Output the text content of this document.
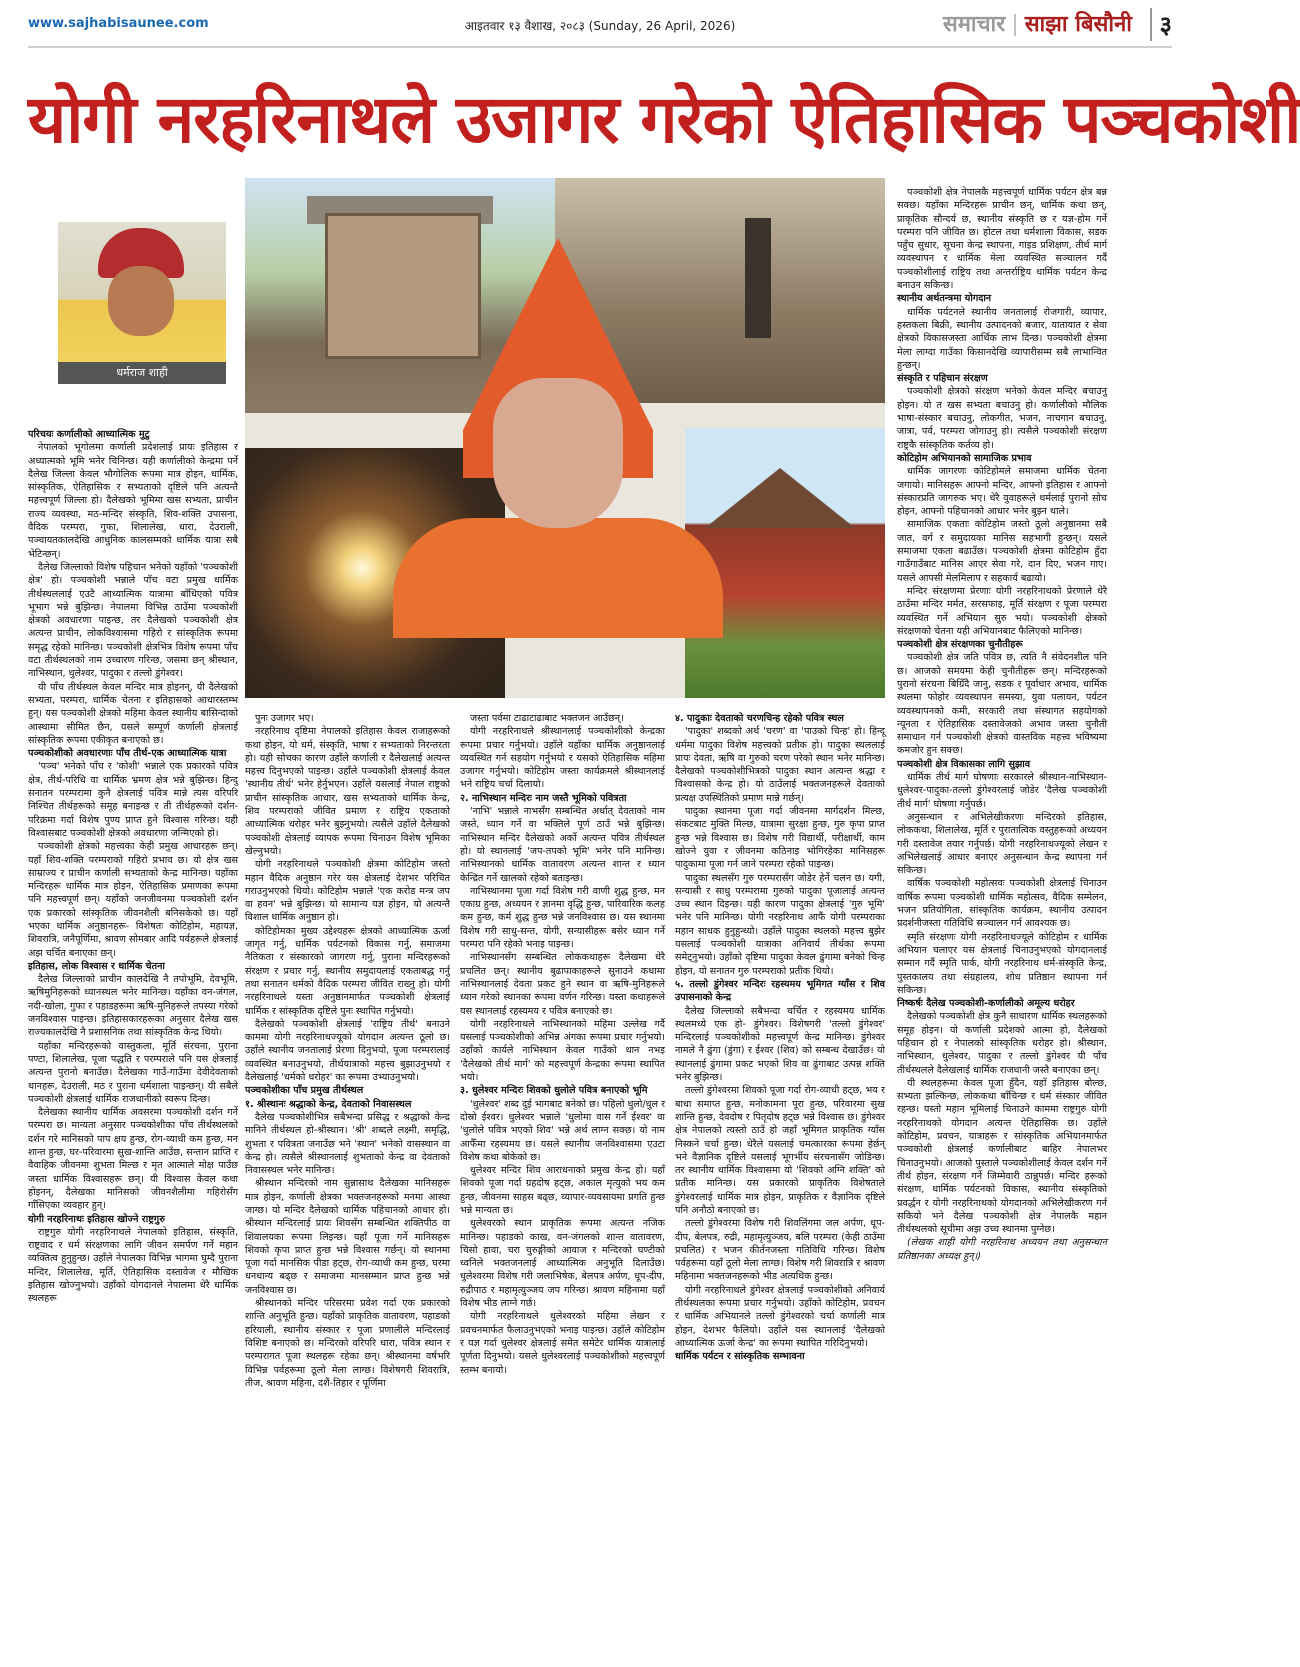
www.sajhabisaunee.com	आइतवार १३ वैशाख, २०८३ (Sunday, 26 April, 2026)	समाचार | साझा बिसौनी	३
योगी नरहरिनाथले उजागर गरेको ऐतिहासिक पञ्चकोशी
धर्मराज शाही
परिचयः कर्णालीको आध्यात्मिक मुटु

नेपालको भूगोलमा कर्णाली प्रदेशलाई प्रायः इतिहास र अध्यात्मको भूमि भनेर चिनिन्छ। यही कर्णालीको केन्द्रमा पर्ने दैलेख जिल्ला केवल भौगोलिक रूपमा मात्र होइन, धार्मिक, सांस्कृतिक, ऐतिहासिक र सभ्यताको दृष्टिले पनि अत्यन्तै महत्त्वपूर्ण जिल्ला हो। दैलेखको भूमिमा खस सभ्यता, प्राचीन राज्य व्यवस्था, मठ-मन्दिर संस्कृति, शिव-शक्ति उपासना, वैदिक परम्परा, गुफा, शिलालेख, धारा, देउराली, पञ्चायतकालदेखि आधुनिक कालसम्मको धार्मिक यात्रा सबै भेटिन्छन्।

दैलेख जिल्लाको विशेष पहिचान भनेको यहाँको 'पञ्चकोशी क्षेत्र' हो। पञ्चकोशी भन्नाले पाँच वटा प्रमुख धार्मिक तीर्थस्थललाई एउटै आध्यात्मिक यात्रामा बाँधिएको पवित्र भूभाग भन्ने बुझिन्छ। नेपालमा विभिन्न ठाउँमा पञ्चकोशी क्षेत्रको अवधारणा पाइन्छ, तर दैलेखको पञ्चकोशी क्षेत्र अत्यन्त प्राचीन, लोकविश्वासमा गहिरो र सांस्कृतिक रूपमा समृद्ध रहेको मानिन्छ। पञ्चकोशी क्षेत्रभित्र विशेष रूपमा पाँच वटा तीर्थस्थलको नाम उच्चारण गरिन्छ, जसमा छन् श्रीस्थान, नाभिस्थान, धुलेश्वर, पादुका र तल्लो डुंगेश्वर।

यी पाँच तीर्थस्थल केवल मन्दिर मात्र होइनन्, यी दैलेखको सभ्यता, परम्परा, धार्मिक चेतना र इतिहासको आधारस्तम्भ हुन्। यस पञ्चकोशी क्षेत्रको महिमा केवल स्थानीय बासिन्दाको आस्थामा सीमित छैन, यसले सम्पूर्ण कर्णाली क्षेत्रलाई सांस्कृतिक रूपमा एकीकृत बनाएको छ।

पञ्चकोशीको अवधारणाः पाँच तीर्थ-एक आध्यात्मिक यात्रा

'पञ्च' भनेको पाँच र 'कोशी' भन्नाले एक प्रकारको पवित्र क्षेत्र, तीर्थ-परिधि वा धार्मिक भ्रमण क्षेत्र भन्ने बुझिन्छ। हिन्दु सनातन परम्परामा कुनै क्षेत्रलाई पवित्र मान्ने त्यस वरिपरि निश्चित तीर्थहरूको समूह बनाइन्छ र ती तीर्थहरूको दर्शन-परिक्रमा गर्दा विशेष पुण्य प्राप्त हुने विश्वास गरिन्छ। यही विश्वासबाट पञ्चकोशी क्षेत्रको अवधारणा जन्मिएको हो।

पञ्चकोशी क्षेत्रको महत्त्वका केही प्रमुख आधारहरू छन्। यहाँ शिव-शक्ति परम्पराको गहिरो प्रभाव छ। यो क्षेत्र खस साम्राज्य र प्राचीन कर्णाली सभ्यताको केन्द्र मानिन्छ। यहाँका मन्दिरहरू धार्मिक मात्र होइन, ऐतिहासिक प्रमाणका रूपमा पनि महत्त्वपूर्ण छन्। यहाँको जनजीवनमा पञ्चकोशी दर्शन एक प्रकारको सांस्कृतिक जीवनशैली बनिसकेको छ। यहाँ भएका धार्मिक अनुष्ठानहरू- विशेषतः कोटिहोम, महायज्ञ, शिवरात्रि, जनैपूर्णिमा, श्रावण सोमबार आदि पर्वहरूले क्षेत्रलाई अझ चर्चित बनाएका छन्।

इतिहास, लोक विश्वास र धार्मिक चेतना

दैलेख जिल्लाको प्राचीन कालदेखि नै तपोभूमि, देवभूमि, ऋषिमुनिहरूको ध्यानस्थल भनेर मानिन्छ। यहाँका वन-जंगल, नदी-खोला, गुफा र पहाडहरूमा ऋषि-मुनिहरूले तपस्या गरेको जनविश्वास पाइन्छ। इतिहासकारहरूका अनुसार दैलेख खस राज्यकालदेखि नै प्रशासनिक तथा सांस्कृतिक केन्द्र थियो।

यहाँका मन्दिरहरूको वास्तुकला, मूर्ति संरचना, पुराना पण्टा, शिलालेख, पूजा पद्धति र परम्पराले पनि यस क्षेत्रलाई अत्यन्त पुरानो बनाउँछ। दैलेखका गाउँ-गाउँमा देवीदेवताको थानहरू, देउराली, मठ र पुराना धर्मशाला पाइन्छन्। यी सबैले पञ्चकोशी क्षेत्रलाई धार्मिक राजधानीको स्वरूप दिन्छ।

दैलेखका स्थानीय धार्मिक अवसरमा पञ्चकोशी दर्शन गर्ने परम्परा छ। मान्यता अनुसार पञ्चकोशीका पाँच तीर्थस्थलको दर्शन गरे मानिसको पाप क्षय हुन्छ, रोग-व्याधी कम हुन्छ, मन शान्त हुन्छ, घर-परिवारमा सुख-शान्ति आउँछ, सन्तान प्राप्ति र वैवाहिक जीवनमा शुभता मिल्छ र मृत आत्माले मोक्ष पाउँछ जस्ता धार्मिक विश्वासहरू छन्। यी विश्वास केवल कथा होइनन्, दैलेखका मानिसको जीवनशैलीमा गहिरोसँग गाँसिएका व्यवहार हुन्।

योगी नरहरिनाथः इतिहास खोज्ने राष्ट्रगुरु

राष्ट्रगुरु योगी नरहरिनाथले नेपालको इतिहास, संस्कृति, राष्ट्रवाद र धर्म संरक्षणका लागि जीवन समर्पण गर्ने महान व्यक्तित्व हुनुहुन्छ। उहाँले नेपालका विभिन्न भागमा घुम्दै पुराना मन्दिर, शिलालेख, मूर्ति, ऐतिहासिक दस्तावेज र मौखिक इतिहास खोज्नुभयो। उहाँको योगदानले नेपालमा धेरै धार्मिक स्थलहरू

पुनः उजागर भए।

नरहरिनाथ दृष्टिमा नेपालको इतिहास केवल राजाहरूको कथा होइन, यो धर्म, संस्कृति, भाषा र सभ्यताको निरन्तरता हो। यही सोचका कारण उहाँले कर्णाली र दैलेखलाई अत्यन्त महत्त्व दिनुभएको पाइन्छ। उहाँले पञ्चकोशी क्षेत्रलाई केवल 'स्थानीय तीर्थ' भनेर हेर्नुभएन। उहाँले यसलाई नेपाल राष्ट्रको प्राचीन सांस्कृतिक आधार, खस सभ्यताको धार्मिक केन्द्र, शिव परम्पराको जीवित प्रमाण र राष्ट्रिय एकताको आध्यात्मिक धरोहर भनेर बुझ्नुभयो। त्यसैले उहाँले दैलेखको पञ्चकोशी क्षेत्रलाई व्यापक रूपमा चिनाउन विशेष भूमिका खेल्नुभयो।

योगी नरहरिनाथले पञ्चकोशी क्षेत्रमा कोटिहोम जस्तो महान वैदिक अनुष्ठान गरेर यस क्षेत्रलाई देशभर परिचित गराउनुभएको थियो। कोटिहोम भन्नाले 'एक करोड मन्त्र जप वा हवन' भन्ने बुझिन्छ। यो सामान्य यज्ञ होइन, यो अत्यन्तै विशाल धार्मिक अनुष्ठान हो।

कोटिहोमका मुख्य उद्देश्यहरू क्षेत्रको आध्यात्मिक ऊर्जा जागृत गर्नु, धार्मिक पर्यटनको विकास गर्नु, समाजमा नैतिकता र संस्कारको जागरण गर्नु, पुराना मन्दिरहरूको संरक्षण र प्रचार गर्नु, स्थानीय समुदायलाई एकताबद्ध गर्नु तथा सनातन धर्मको वैदिक परम्परा जीवित राख्नु हो। योगी नरहरिनाथले यस्ता अनुष्ठानमार्फत पञ्चकोशी क्षेत्रलाई धार्मिक र सांस्कृतिक दृष्टिले पुनः स्थापित गर्नुभयो।

दैलेखको पञ्चकोशी क्षेत्रलाई 'राष्ट्रिय तीर्थ' बनाउने काममा योगी नरहरिनाथज्यूको योगदान अत्यन्त ठूलो छ। उहाँले स्थानीय जनतालाई प्रेरणा दिनुभयो, पूजा परम्परालाई व्यवस्थित बनाउनुभयो, तीर्थयात्राको महत्त्व बुझाउनुभयो र दैलेखलाई 'धर्मको धरोहर' का रूपमा उभ्याउनुभयो।

पञ्चकोशीका पाँच प्रमुख तीर्थस्थल
१. श्रीस्थानः श्रद्धाको केन्द्र, देवताको निवासस्थल

दैलेख पञ्चकोशीभित्र सबैभन्दा प्रसिद्ध र श्रद्धाको केन्द्र मानिने तीर्थस्थल हो-श्रीस्थान। 'श्री' शब्दले लक्ष्मी, समृद्धि, शुभता र पवित्रता जनाउँछ भने 'स्थान' भनेको वासस्थान वा केन्द्र हो। त्यसैले श्रीस्थानलाई शुभताको केन्द्र वा देवताको निवासस्थल भनेर मानिन्छ।

श्रीस्थान मन्दिरको नाम सुन्नासाथ दैलेखका मानिसहरू मात्र होइन, कर्णाली क्षेत्रका भक्तजनहरूको मनमा आस्था जाग्छ। यो मन्दिर दैलेखको धार्मिक पहिचानको आधार हो। श्रीस्थान मन्दिरलाई प्रायः शिवसँग सम्बन्धित शक्तिपीठ वा शिवालयका रूपमा लिइन्छ। यहाँ पूजा गर्ने मानिसहरू शिवको कृपा प्राप्त हुन्छ भन्ने विश्वास गर्छन्। यो स्थानमा पूजा गर्दा मानसिक पीडा हट्छ, रोग-व्याधी कम हुन्छ, घरमा धनधान्य बढ्छ र समाजमा मानसम्मान प्राप्त हुन्छ भन्ने जनविश्वास छ।

श्रीस्थानको मन्दिर परिसरमा प्रवेश गर्दा एक प्रकारको शान्ति अनुभूति हुन्छ। यहाँको प्राकृतिक वातावरण, पहाडको हरियाली, स्थानीय संस्कार र पूजा प्रणालीले मन्दिरलाई विशिष्ट बनाएको छ। मन्दिरको वरिपरि धारा, पवित्र स्थान र परम्परागत पूजा स्थलहरू रहेका छन्। श्रीस्थानमा वर्षभरि विभिन्न पर्वहरूमा ठूलो मेला लाग्छ। विशेषगरी शिवरात्रि, तीज, श्रावण महिना, दशैं-तिहार र पूर्णिमा

जस्ता पर्वमा टाढाटाढाबाट भक्तजन आउँछन्।

योगी नरहरिनाथले श्रीस्थानलाई पञ्चकोशीको केन्द्रका रूपमा प्रचार गर्नुभयो। उहाँले यहाँका धार्मिक अनुष्ठानलाई व्यवस्थित गर्न सहयोग गर्नुभयो र यसको ऐतिहासिक महिमा उजागर गर्नुभयो। कोटिहोम जस्ता कार्यक्रमले श्रीस्थानलाई भने राष्ट्रिय चर्चा दिलायो।

२. नाभिस्थान मन्दिरः नाम जस्तै भूमिको पवित्रता

'नाभि' भन्नाले नाभसँग सम्बन्धित अर्थात् देवताको नाम जस्ते, ध्यान गर्ने वा भक्तिले पूर्ण ठाउँ भन्ने बुझिन्छ। नाभिस्थान मन्दिर दैलेखको अर्को अत्यन्त पवित्र तीर्थस्थल हो। यो स्थानलाई 'जप-तपको भूमि' भनेर पनि मानिन्छ। नाभिस्थानको धार्मिक वातावरण अत्यन्त शान्त र ध्यान केन्द्रित गर्ने खालको रहेको बताइन्छ।

नाभिस्थानमा पूजा गर्दा विशेष गरी वाणी शुद्ध हुन्छ, मन एकाग्र हुन्छ, अध्ययन र ज्ञानमा वृद्धि हुन्छ, पारिवारिक कलह कम हुन्छ, कर्म शुद्ध हुन्छ भन्ने जनविश्वास छ। यस स्थानमा विशेष गरी साधु-सन्त, योगी, सन्यासीहरू बसेर ध्यान गर्ने परम्परा पनि रहेको भनाइ पाइन्छ।

नाभिस्थानसँग सम्बन्धित लोककथाहरू दैलेखमा धेरै प्रचलित छन्। स्थानीय बुढापाकाहरूले सुनाउने कथामा नाभिस्थानलाई देवता प्रकट हुने स्थान वा ऋषि-मुनिहरूले ध्यान गरेको स्थानका रूपमा वर्णन गरिन्छ। यस्ता कथाहरूले यस स्थानलाई रहस्यमय र पवित्र बनाएको छ।

योगी नरहरिनाथले नाभिस्थानको महिमा उल्लेख गर्दै यसलाई पञ्चकोशीको अभिन्न अंगका रूपमा प्रचार गर्नुभयो। उहाँको कार्यले नाभिस्थान केवल गाउँको थान नभइ 'दैलेखको तीर्थ मार्ग' को महत्त्वपूर्ण केन्द्रका रूपमा स्थापित भयो।

३. धुलेश्वर मन्दिरः शिवको धुलोले पवित्र बनाएको भूमि

'धुलेश्वर' शब्द दुई भागबाट बनेको छ। पहिलो धुलो/धुल र दोस्रो ईश्वर। धुलेश्वर भन्नाले 'धुलोमा वास गर्ने ईश्वर' वा 'धुलोले पवित्र भएको शिव' भन्ने अर्थ लाग्न सक्छ। यो नाम आफैँमा रहस्यमय छ। यसले स्थानीय जनविश्वासमा एउटा विशेष कथा बोकेको छ।

धुलेश्वर मन्दिर शिव आराधनाको प्रमुख केन्द्र हो। यहाँ शिवको पूजा गर्दा ग्रहदोष हट्छ, अकाल मृत्युको भय कम हुन्छ, जीवनमा साहस बढ्छ, व्यापार-व्यवसायमा प्रगति हुन्छ भन्ने मान्यता छ।

धुलेश्वरको स्थान प्राकृतिक रूपमा अत्यन्त नजिक मानिन्छ। पहाडको काख, वन-जंगलको शान्त वातावरण, चिसो हावा, चरा चुरुङ्गीको आवाज र मन्दिरको घण्टीको ध्वनिले भक्तजनलाई आध्यात्मिक अनुभूति दिलाउँछ। धुलेश्वरमा विशेष गरी जलाभिषेक, बेलपत्र अर्पण, धूप-दीप, रुद्रीपाठ र महामृत्युञ्जय जप गरिन्छ। श्रावण महिनामा यहाँ विशेष भीड लाग्ने गर्छ।

योगी नरहरिनाथले धुलेश्वरको महिमा लेखन र प्रवचनमार्फत फैलाउनुभएको भनाइ पाइन्छ। उहाँले कोटिहोम र यज्ञ गर्दा धुलेश्वर क्षेत्रलाई समेत समेटेर धार्मिक यात्रालाई पूर्णता दिनुभयो। यसले धुलेश्वरलाई पञ्चकोशीको महत्त्वपूर्ण स्तम्भ बनायो।

४. पादुकाः देवताको चरणचिन्ह रहेको पवित्र स्थल

'पादुका' शब्दको अर्थ 'चरण' वा 'पाउको चिन्ह' हो। हिन्दू धर्ममा पादुका विशेष महत्त्वको प्रतीक हो। पादुका स्थललाई प्रायः देवता, ऋषि वा गुरुको चरण परेको स्थान भनेर मानिन्छ। दैलेखको पञ्चकोशीभित्रको पादुका स्थान अत्यन्त श्रद्धा र विश्वासको केन्द्र हो। यो ठाउँलाई भक्तजनहरूले देवताको प्रत्यक्ष उपस्थितिको प्रमाण मान्ने गर्छन्।

पादुका स्थानमा पूजा गर्दा जीवनमा मार्गदर्शन मिल्छ, संकटबाट मुक्ति मिल्छ, यात्रामा सुरक्षा हुन्छ, गुरु कृपा प्राप्त हुन्छ भन्ने विश्वास छ। विशेष गरी विद्यार्थी, परीक्षार्थी, काम खोज्ने युवा र जीवनमा कठिनाइ भोगिरहेका मानिसहरू पादुकामा पूजा गर्न जाने परम्परा रहेको पाइन्छ।

पादुका स्थलसँग गुरु परम्परासँग जोडेर हेर्ने चलन छ। यगी, सन्यासी र साधु परम्परामा गुरुको पादुका पूजालाई अत्यन्त उच्च स्थान दिइन्छ। यही कारण पादुका क्षेत्रलाई 'गुरु भूमि' भनेर पनि मानिन्छ। योगी नरहरिनाथ आफैं योगी परम्पराका महान साधक हुनुहुन्थ्यो। उहाँले पादुका स्थलको महत्त्व बुझेर यसलाई पञ्चकोशी यात्राका अनिवार्य तीर्थका रूपमा समेट्नुभयो। उहाँको दृष्टिमा पादुका केवल ढुंगामा बनेको चिन्ह होइन, यो सनातन गुरु परम्पराको प्रतीक थियो।

५. तल्लो डुंगेश्वर मन्दिरः रहस्यमय भूमिगत ग्याँस र शिव उपासनाको केन्द्र

दैलेख जिल्लाको सबैभन्दा चर्चित र रहस्यमय धार्मिक स्थलमध्ये एक हो- डुंगेश्वर। विशेषगरी 'तल्लो डुंगेश्वर' मन्दिरलाई पञ्चकोशीको महत्त्वपूर्ण केन्द्र मानिन्छ। डुंगेश्वर नामले नै ढुंगा (डुंगा) र ईश्वर (शिव) को सम्बन्ध देखाउँछ। यो स्थानलाई ढुंगामा प्रकट भएको शिव वा ढुंगाबाट उत्पन्न शक्ति भनेर बुझिन्छ।

तल्लो डुंगेश्वरमा शिवको पूजा गर्दा रोग-व्याधी हट्छ, भय र बाधा समाप्त हुन्छ, मनोकामना पूरा हुन्छ, परिवारमा सुख शान्ति हुन्छ, देवदोष र पितृदोष हट्छ भन्ने विश्वास छ। डुंगेश्वर क्षेत्र नेपालको त्यस्तो ठाउँ हो जहाँ भूमिगत प्राकृतिक ग्याँस निस्कने चर्चा हुन्छ। धेरैले यसलाई चमत्कारका रूपमा हेर्छन् भने वैज्ञानिक दृष्टिले यसलाई भूगर्भीय संरचनासँग जोडिन्छ। तर स्थानीय धार्मिक विश्वासमा यो 'शिवको अग्नि शक्ति' को प्रतीक मानिन्छ। यस प्रकारको प्राकृतिक विशेषताले डुंगेश्वरलाई धार्मिक मात्र होइन, प्राकृतिक र वैज्ञानिक दृष्टिले पनि अनौठो बनाएको छ।

तल्लो डुंगेश्वरमा विशेष गरी शिवलिंगमा जल अर्पण, धूप-दीप, बेलपत्र, रुद्री, महामृत्युञ्जय, बलि परम्परा (केही ठाउँमा प्रचलित) र भजन कीर्तनजस्ता गतिविधि गरिन्छ। विशेष पर्वहरूमा यहाँ ठूलो मेला लाग्छ। विशेष गरी शिवरात्रि र श्रावण महिनामा भक्तजनहरूको भीड अत्यधिक हुन्छ।

योगी नरहरिनाथले डुंगेश्वर क्षेत्रलाई पञ्चकोशीको अनिवार्य तीर्थस्थलका रूपमा प्रचार गर्नुभयो। उहाँको कोटिहोम, प्रवचन र धार्मिक अभियानले तल्लो डुंगेश्वरको चर्चा कर्णाली मात्र होइन, देशभर फैलियो। उहाँले यस स्थानलाई 'दैलेखको आध्यात्मिक ऊर्जा केन्द्र' का रूपमा स्थापित गरिदिनुभयो।

धार्मिक पर्यटन र सांस्कृतिक सम्भावना

पञ्चकोशी क्षेत्र नेपालकै महत्त्वपूर्ण धार्मिक पर्यटन क्षेत्र बन्न सक्छ। यहाँका मन्दिरहरू प्राचीन छन्, धार्मिक कथा छन्, प्राकृतिक सौन्दर्य छ, स्थानीय संस्कृति छ र यज्ञ-होम गर्ने परम्परा पनि जीवित छ। होटल तथा धर्मशाला विकास, सडक पहुँच सुधार, सूचना केन्द्र स्थापना, गाइड प्रशिक्षण, तीर्थ मार्ग व्यवस्थापन र धार्मिक मेला व्यवस्थित सञ्चालन गर्दै पञ्चकोशीलाई राष्ट्रिय तथा अन्तर्राष्ट्रिय धार्मिक पर्यटन केन्द्र बनाउन सकिन्छ।

स्थानीय अर्थतन्त्रमा योगदान

धार्मिक पर्यटनले स्थानीय जनतालाई रोजगारी, व्यापार, हस्तकला बिक्री, स्थानीय उत्पादनको बजार, यातायात र सेवा क्षेत्रको विकासजस्ता आर्थिक लाभ दिन्छ। पञ्चकोशी क्षेत्रमा मेला लाग्दा गाउँका किसानदेखि व्यापारीसम्म सबै लाभान्वित हुन्छन्।

संस्कृति र पहिचान संरक्षण

पञ्चकोशी क्षेत्रको संरक्षण भनेको केवल मन्दिर बचाउनु होइन। यो त खस सभ्यता बचाउनु हो। कर्णालीको मौलिक भाषा-संस्कार बचाउनु, लोकगीत, भजन, नाचगान बचाउनु, जात्रा, पर्व, परम्परा जोगाउनु हो। त्यसैले पञ्चकोशी संरक्षण राष्ट्रकै सांस्कृतिक कर्तव्य हो।

कोटिहोम अभियानको सामाजिक प्रभाव

धार्मिक जागरणः कोटिहोमले समाजमा धार्मिक चेतना जगायो। मानिसहरू आफ्नो मन्दिर, आफ्नो इतिहास र आफ्नो संस्कारप्रति जागरुक भए। धेरै युवाहरूले धर्मलाई पुरानो सोच होइन, आफ्नो पहिचानको आधार भनेर बुझ्न थाले।

सामाजिक एकताः कोटिहोम जस्तो ठूलो अनुष्ठानमा सबै जात, वर्ग र समुदायका मानिस सहभागी हुन्छन्। यसले समाजमा एकता बढाउँछ। पञ्चकोशी क्षेत्रमा कोटिहोम हुँदा गाउँगाउँबाट मानिस आएर सेवा गरे, दान दिए, भजन गाए। यसले आपसी मेलमिलाप र सहकार्य बढायो।

मन्दिर संरक्षणमा प्रेरणाः योगी नरहरिनाथको प्रेरणाले धेरै ठाउँमा मन्दिर मर्मत, सरसफाइ, मूर्ति संरक्षण र पूजा परम्परा व्यवस्थित गर्ने अभियान सुरु भयो। पञ्चकोशी क्षेत्रको संरक्षणको चेतना यही अभियानबाट फैलिएको मानिन्छ।

पञ्चकोशी क्षेत्र संरक्षणका चुनौतीहरू

पञ्चकोशी क्षेत्र जति पवित्र छ, त्यति नै संवेदनशील पनि छ। आजको समयमा केही चुनौतीहरू छन्। मन्दिरहरूको पुरानो संरचना बिग्रिँदै जानु, सडक र पूर्वाधार अभाव, धार्मिक स्थलमा फोहोर व्यवस्थापन समस्या, युवा पलायन, पर्यटन व्यवस्थापनको कमी, सरकारी तथा संस्थागत सहयोगको न्यूनता र ऐतिहासिक दस्तावेजको अभाव जस्ता चुनौती समाधान गर्न पञ्चकोशी क्षेत्रको वास्तविक महत्त्व भविष्यमा कमजोर हुन सक्छ।

पञ्चकोशी क्षेत्र विकासका लागि सुझाव

धार्मिक तीर्थ मार्ग घोषणाः सरकारले श्रीस्थान-नाभिस्थान-धुलेश्वर-पादुका-तल्लो डुंगेश्वरलाई जोडेर 'दैलेख पञ्चकोशी तीर्थ मार्ग' घोषणा गर्नुपर्छ।

अनुसन्धान र अभिलेखीकरणः मन्दिरको इतिहास, लोककथा, शिलालेख, मूर्ति र पुरातात्विक वस्तुहरूको अध्ययन गरी दस्तावेज तयार गर्नुपर्छ। योगी नरहरिनाथज्यूको लेखन र अभिलेखलाई आधार बनाएर अनुसन्धान केन्द्र स्थापना गर्न सकिन्छ।

वार्षिक पञ्चकोशी महोत्सवः पञ्चकोशी क्षेत्रलाई चिनाउन वार्षिक रूपमा पञ्चकोशी धार्मिक महोत्सव, वैदिक सम्मेलन, भजन प्रतियोगिता, सांस्कृतिक कार्यक्रम, स्थानीय उत्पादन प्रदर्शनीजस्ता गतिविधि सञ्चालन गर्न आवश्यक छ।

स्मृति संरक्षणः योगी नरहरिनाथज्यूले कोटिहोम र धार्मिक अभियान चलाएर यस क्षेत्रलाई चिनाउनुभएको योगदानलाई सम्मान गर्दै स्मृति पार्क, योगी नरहरिनाथ धर्म-संस्कृति केन्द्र, पुस्तकालय तथा संग्रहालय, शोध प्रतिष्ठान स्थापना गर्न सकिन्छ।

निष्कर्षः दैलेख पञ्चकोशी-कर्णालीको अमूल्य धरोहर

दैलेखको पञ्चकोशी क्षेत्र कुनै साधारण धार्मिक स्थलहरूको समूह होइन। यो कर्णाली प्रदेशको आत्मा हो, दैलेखको पहिचान हो र नेपालको सांस्कृतिक धरोहर हो। श्रीस्थान, नाभिस्थान, धुलेश्वर, पादुका र तल्लो डुंगेश्वर यी पाँच तीर्थस्थलले दैलेखलाई धार्मिक राजधानी जस्तै बनाएका छन्।

यी स्थलहरूमा केवल पूजा हुँदैन, यहाँ इतिहास बोल्छ, सभ्यता झल्किन्छ, लोककथा बाँचिन्छ र धर्म संस्कार जीवित रहन्छ। यस्तो महान भूमिलाई चिनाउने काममा राष्ट्रगुरु योगी नरहरिनाथको योगदान अत्यन्त ऐतिहासिक छ। उहाँले कोटिहोम, प्रवचन, यात्राहरू र सांस्कृतिक अभियानमार्फत पञ्चकोशी क्षेत्रलाई कर्णालीबाट बाहिर नेपालभर चिनाउनुभयो। आजको पुस्ताले पञ्चकोशीलाई केवल दर्शन गर्ने तीर्थ होइन, संरक्षण गर्ने जिम्मेवारी ठान्नुपर्छ। मन्दिर हरूको संरक्षण, धार्मिक पर्यटनको विकास, स्थानीय संस्कृतिको प्रवर्द्धन र योगी नरहरिनाथको योगदानको अभिलेखीकरण गर्न सकियो भने दैलेख पञ्चकोशी क्षेत्र नेपालकै महान तीर्थस्थलको सूचीमा अझ उच्च स्थानमा पुग्नेछ।

(लेखक शाही योगी नरहरिनाथ अध्ययन तथा अनुसन्धान प्रतिष्ठानका अध्यक्ष हुन्।)
